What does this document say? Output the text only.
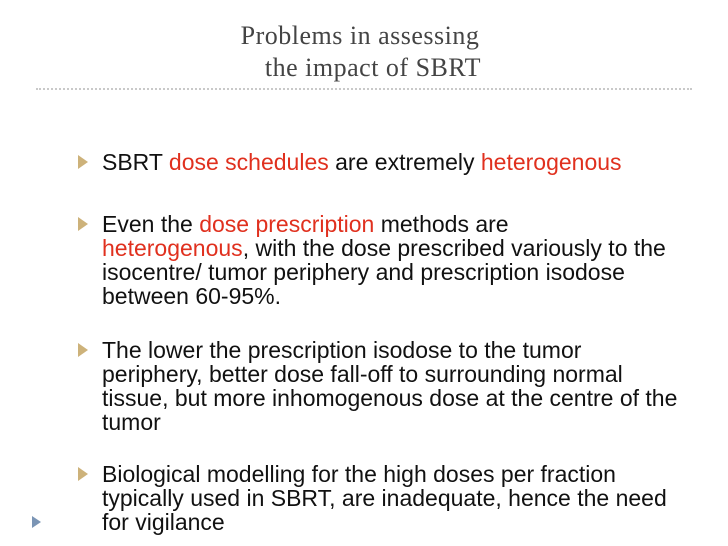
Problems in assessing
the impact of SBRT
SBRT dose schedules are extremely heterogenous
Even the dose prescription methods are
heterogenous, with the dose prescribed variously to the
isocentre/ tumor periphery and prescription isodose
between 60-95%.
The lower the prescription isodose to the tumor
periphery, better dose fall-off to surrounding normal
tissue, but more inhomogenous dose at the centre of the
tumor
Biological modelling for the high doses per fraction
typically used in SBRT, are inadequate, hence the need
for vigilance
